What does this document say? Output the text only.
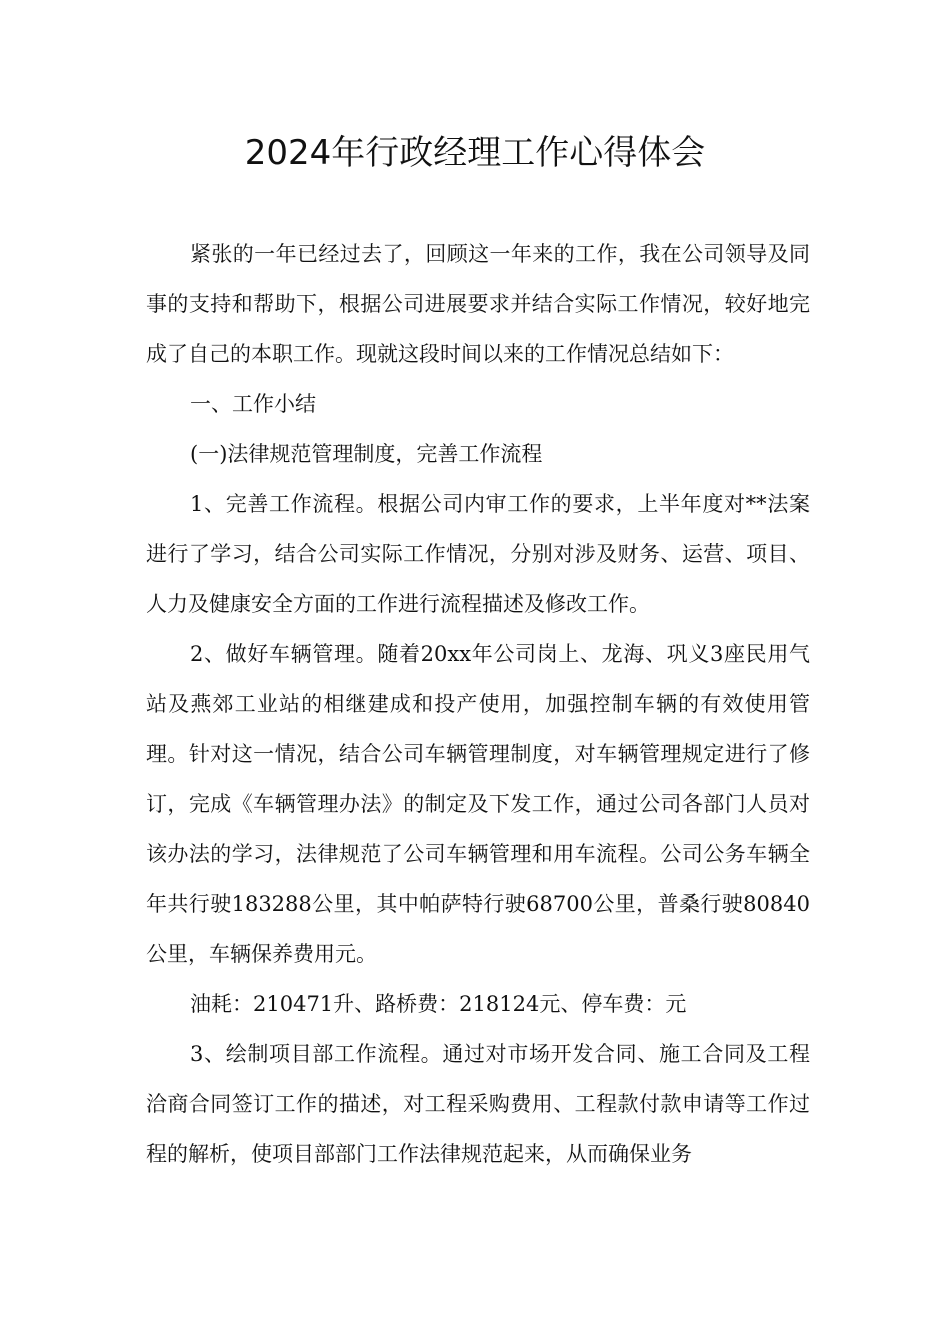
2024年行政经理工作心得体会

紧张的一年已经过去了，回顾这一年来的工作，我在公司领导及同事的支持和帮助下，根据公司进展要求并结合实际工作情况，较好地完成了自己的本职工作。现就这段时间以来的工作情况总结如下：

一、工作小结

(一)法律规范管理制度，完善工作流程

1、完善工作流程。根据公司内审工作的要求，上半年度对**法案进行了学习，结合公司实际工作情况，分别对涉及财务、运营、项目、人力及健康安全方面的工作进行流程描述及修改工作。

2、做好车辆管理。随着20xx年公司岗上、龙海、巩义3座民用气站及燕郊工业站的相继建成和投产使用，加强控制车辆的有效使用管理。针对这一情况，结合公司车辆管理制度，对车辆管理规定进行了修订，完成《车辆管理办法》的制定及下发工作，通过公司各部门人员对该办法的学习，法律规范了公司车辆管理和用车流程。公司公务车辆全年共行驶183288公里，其中帕萨特行驶68700公里，普桑行驶80840公里，车辆保养费用元。

油耗：210471升、路桥费：218124元、停车费：元

3、绘制项目部工作流程。通过对市场开发合同、施工合同及工程洽商合同签订工作的描述，对工程采购费用、工程款付款申请等工作过程的解析，使项目部部门工作法律规范起来，从而确保业务
